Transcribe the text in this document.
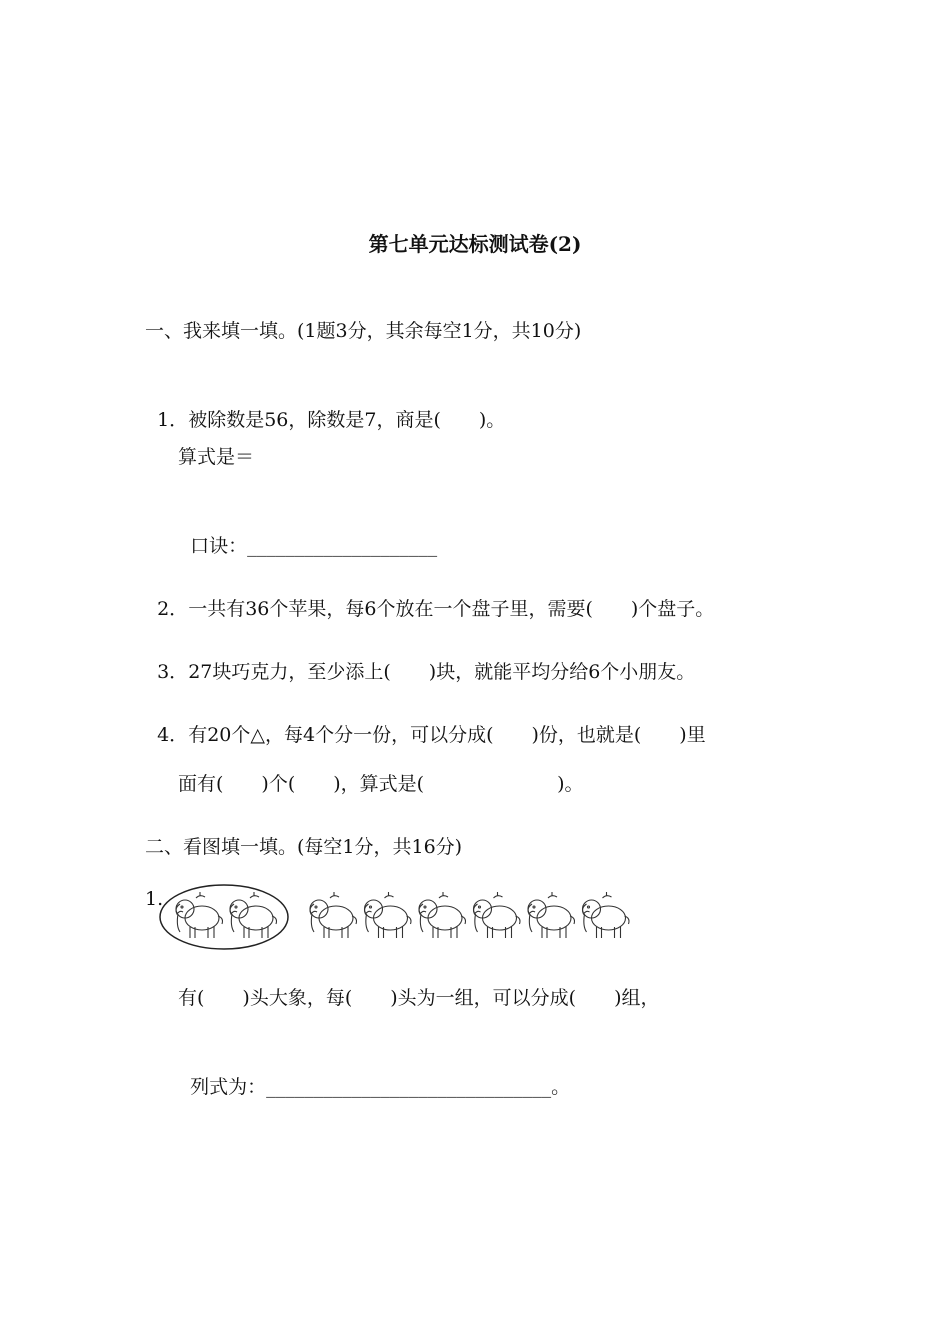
第七单元达标测试卷(2)
一、我来填一填。(1题3分，其余每空1分，共10分)

1．被除数是56，除数是7，商是(　　)。

算式是＝

口诀：____________________

2．一共有36个苹果，每6个放在一个盘子里，需要(　　)个盘子。

3．27块巧克力，至少添上(　　)块，就能平均分给6个小朋友。

4．有20个△，每4个分一份，可以分成(　　)份，也就是(　　)里

面有(　　)个(　　)，算式是(　　　　　　　)。
二、看图填一填。(每空1分，共16分)
1.
有(　　)头大象，每(　　)头为一组，可以分成(　　)组，

列式为：______________________________。
